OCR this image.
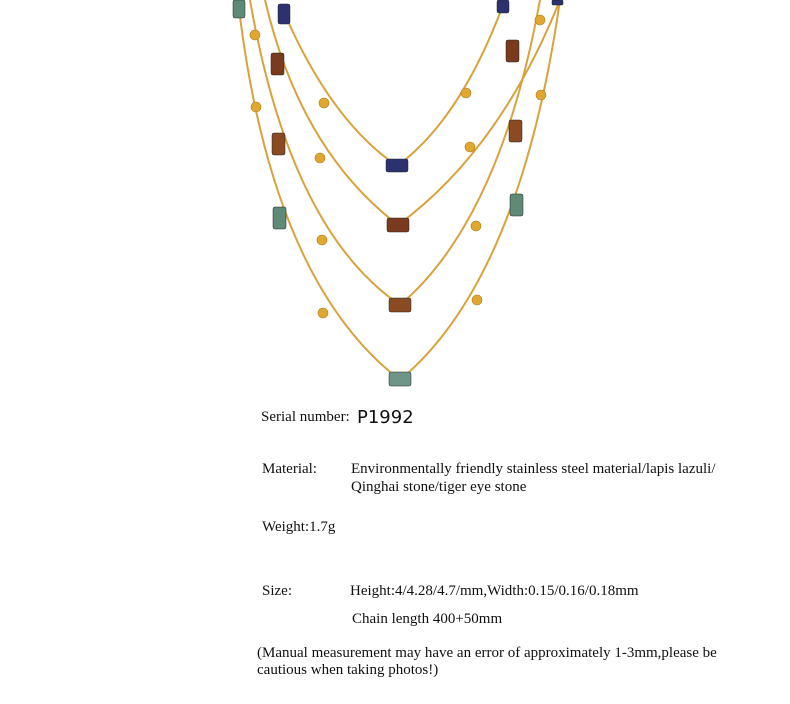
Serial number: P1992
Material: Environmentally friendly stainless steel material/lapis lazuli/
Qinghai stone/tiger eye stone
Weight:1.7g
Size:	Height:4/4.28/4.7/mm,Width:0.15/0.16/0.18mm
Chain length 400+50mm
(Manual measurement may have an error of approximately 1-3mm,please be
cautious when taking photos!)
